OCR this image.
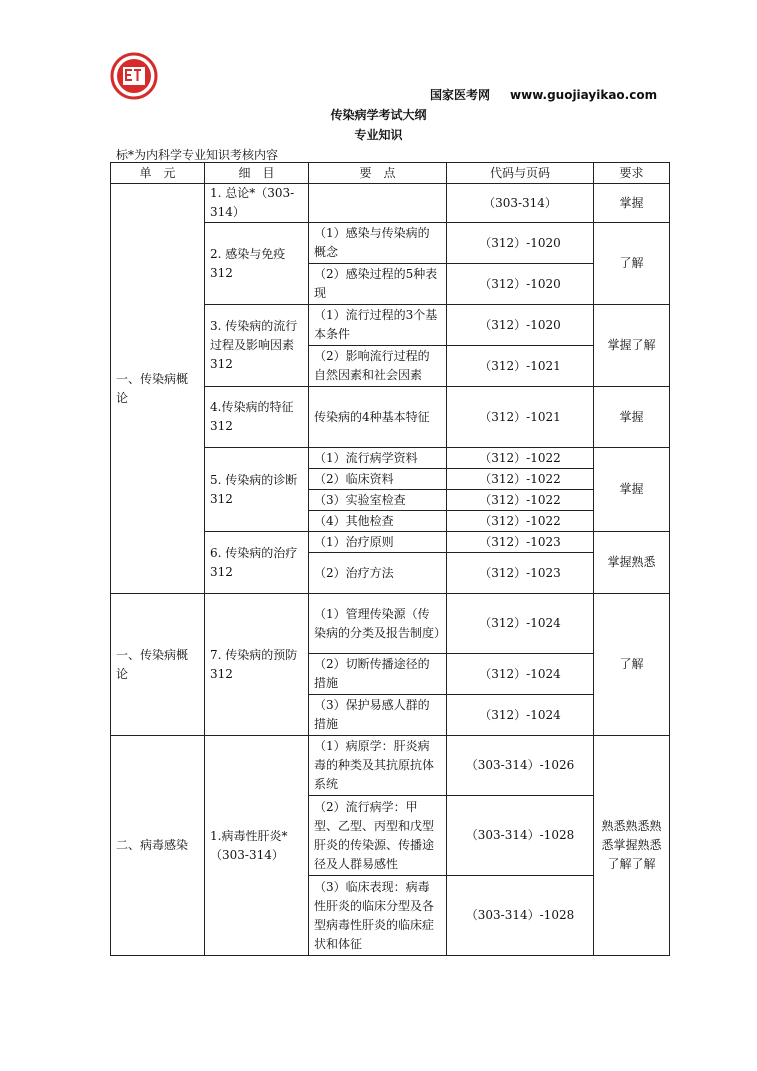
国家医考网 www.guojiayikao.com
传染病学考试大纲
专业知识
标*为内科学专业知识考核内容
单　元	细　目	要　点	代码与页码	要求
一、传染病概论	1. 总论*（303-314）		（303-314）	掌握
	2. 感染与免疫 312	（1）感染与传染病的概念	（312）-1020	了解
		（2）感染过程的5种表现	（312）-1020	
	3. 传染病的流行过程及影响因素 312	（1）流行过程的3个基本条件	（312）-1020	掌握了解
		（2）影响流行过程的自然因素和社会因素	（312）-1021	
	4.传染病的特征 312	传染病的4种基本特征	（312）-1021	掌握
	5. 传染病的诊断 312	（1）流行病学资料	（312）-1022	掌握
		（2）临床资料	（312）-1022	
		（3）实验室检查	（312）-1022	
		（4）其他检查	（312）-1022	
	6. 传染病的治疗 312	（1）治疗原则	（312）-1023	掌握熟悉
		（2）治疗方法	（312）-1023	
一、传染病概论	7. 传染病的预防 312	（1）管理传染源（传染病的分类及报告制度）	（312）-1024	了解
		（2）切断传播途径的措施	（312）-1024	
		（3）保护易感人群的措施	（312）-1024	
二、病毒感染	1.病毒性肝炎*（303-314）	（1）病原学：肝炎病毒的种类及其抗原抗体系统	（303-314）-1026	熟悉熟悉熟悉掌握熟悉了解了解
		（2）流行病学：甲型、乙型、丙型和戊型肝炎的传染源、传播途径及人群易感性	（303-314）-1028	
		（3）临床表现：病毒性肝炎的临床分型及各型病毒性肝炎的临床症状和体征	（303-314）-1028	
